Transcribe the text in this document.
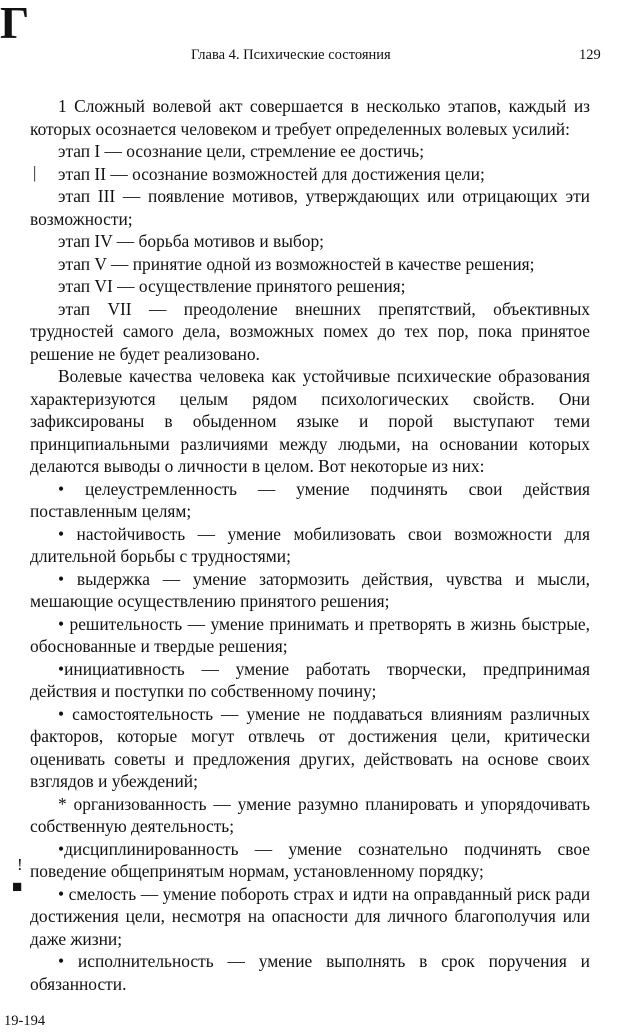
Г
Глава 4. Психические состояния	129
|
!
■

1 Сложный волевой акт совершается в несколько этапов, каждый из которых осознается человеком и требует определенных волевых усилий:

этап I — осознание цели, стремление ее достичь;

этап II — осознание возможностей для достижения цели;

этап III — появление мотивов, утверждающих или отрицающих эти возможности;

этап IV — борьба мотивов и выбор;

этап V — принятие одной из возможностей в качестве решения;

этап VI — осуществление принятого решения;

этап VII — преодоление внешних препятствий, объективных трудностей самого дела, возможных помех до тех пор, пока принятое решение не будет реализовано.

Волевые качества человека как устойчивые психические образования характеризуются целым рядом психологических свойств. Они зафиксированы в обыденном языке и порой выступают теми принципиальными различиями между людьми, на основании которых делаются выводы о личности в целом. Вот некоторые из них:

• целеустремленность — умение подчинять свои действия поставленным целям;

• настойчивость — умение мобилизовать свои возможности для длительной борьбы с трудностями;

• выдержка — умение затормозить действия, чувства и мысли, мешающие осуществлению принятого решения;

• решительность — умение принимать и претворять в жизнь быстрые, обоснованные и твердые решения;

•инициативность — умение работать творчески, предпринимая действия и поступки по собственному почину;

• самостоятельность — умение не поддаваться влияниям различных факторов, которые могут отвлечь от достижения цели, критически оценивать советы и предложения других, действовать на основе своих взглядов и убеждений;

* организованность — умение разумно планировать и упорядочивать собственную деятельность;

•дисциплинированность — умение сознательно подчинять свое поведение общепринятым нормам, установленному порядку;

• смелость — умение побороть страх и идти на оправданный риск ради достижения цели, несмотря на опасности для личного благополучия или даже жизни;

• исполнительность — умение выполнять в срок поручения и обязанности.

19-194
